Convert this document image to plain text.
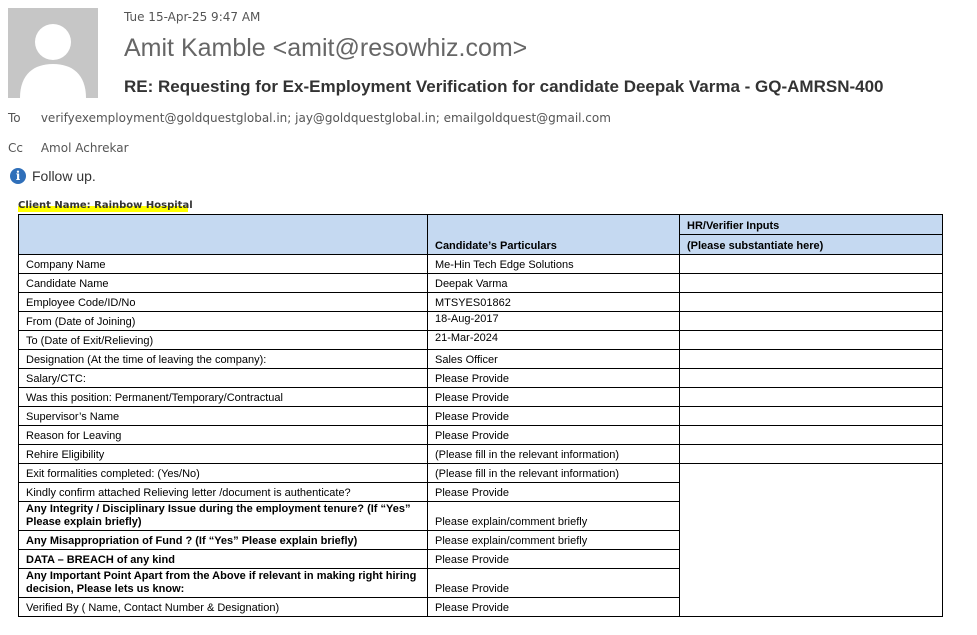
Tue 15-Apr-25 9:47 AM
Amit Kamble <amit@resowhiz.com>
RE: Requesting for Ex-Employment Verification for candidate Deepak Varma - GQ-AMRSN-400
To verifyexemployment@goldquestglobal.in; jay@goldquestglobal.in; emailgoldquest@gmail.com
Cc Amol Achrekar
i Follow up.
Client Name: Rainbow Hospital
	Candidate’s Particulars	HR/Verifier Inputs
		(Please substantiate here)
Company Name	Me-Hin Tech Edge Solutions	
Candidate Name	Deepak Varma	
Employee Code/ID/No	MTSYES01862	
From (Date of Joining)	18-Aug-2017	
To (Date of Exit/Relieving)	21-Mar-2024	
Designation (At the time of leaving the company):	Sales Officer	
Salary/CTC:	Please Provide	
Was this position: Permanent/Temporary/Contractual	Please Provide	
Supervisor’s Name	Please Provide	
Reason for Leaving	Please Provide	
Rehire Eligibility	(Please fill in the relevant information)	
Exit formalities completed: (Yes/No)	(Please fill in the relevant information)	
Kindly confirm attached Relieving letter /document is authenticate?	Please Provide	
Any Integrity / Disciplinary Issue during the employment tenure? (If “Yes” Please explain briefly)	Please explain/comment briefly	
Any Misappropriation of Fund ? (If “Yes” Please explain briefly)	Please explain/comment briefly	
DATA – BREACH of any kind	Please Provide	
Any Important Point Apart from the Above if relevant in making right hiring decision, Please lets us know:	Please Provide	
Verified By ( Name, Contact Number & Designation)	Please Provide	
